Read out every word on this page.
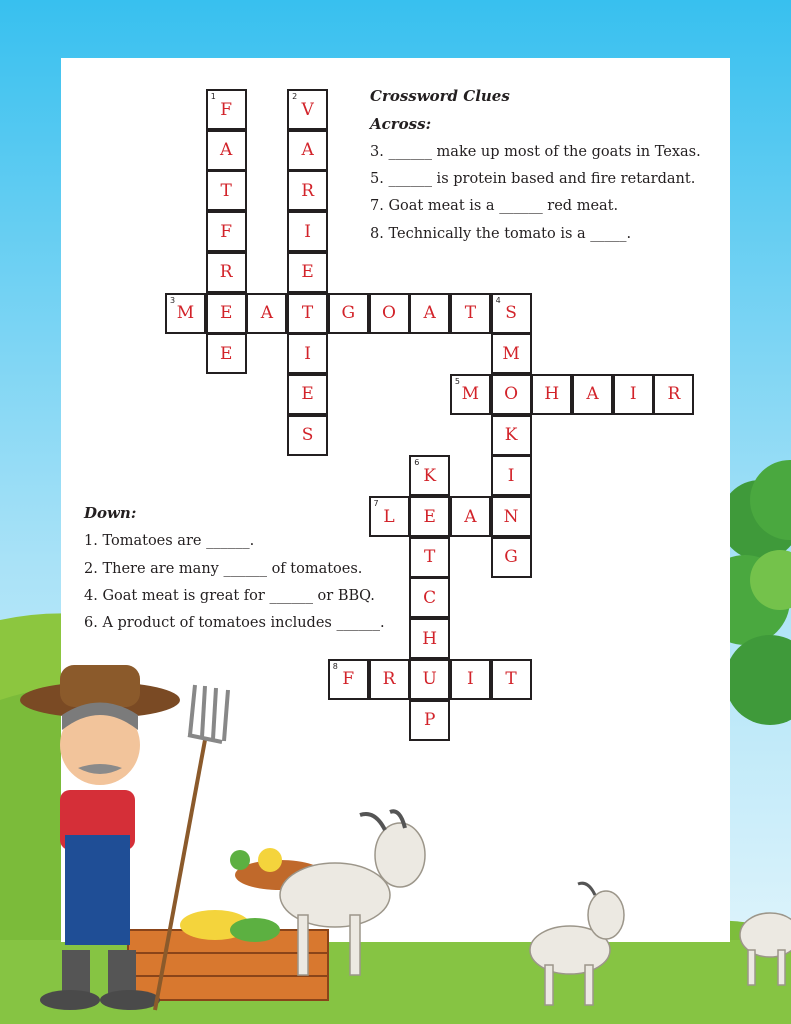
F
1
A
T
F
R
E
E
V
2
A
R
I
E
T
I
E
S
M
3
A	G O A T S
4
M
O
K
I
N
G
M
5
H A I R
K
6
E
T
C
H
U
P
L
7
A
F
8
R	I T
Crossword Clues
Across:
3. ______ make up most of the goats in Texas.
5. ______ is protein based and fire retardant.
7. Goat meat is a ______ red meat.
8. Technically the tomato is a _____.
Down:
1. Tomatoes are ______.
2. There are many ______ of tomatoes.
4. Goat meat is great for ______ or BBQ.
6. A product of tomatoes includes ______.
